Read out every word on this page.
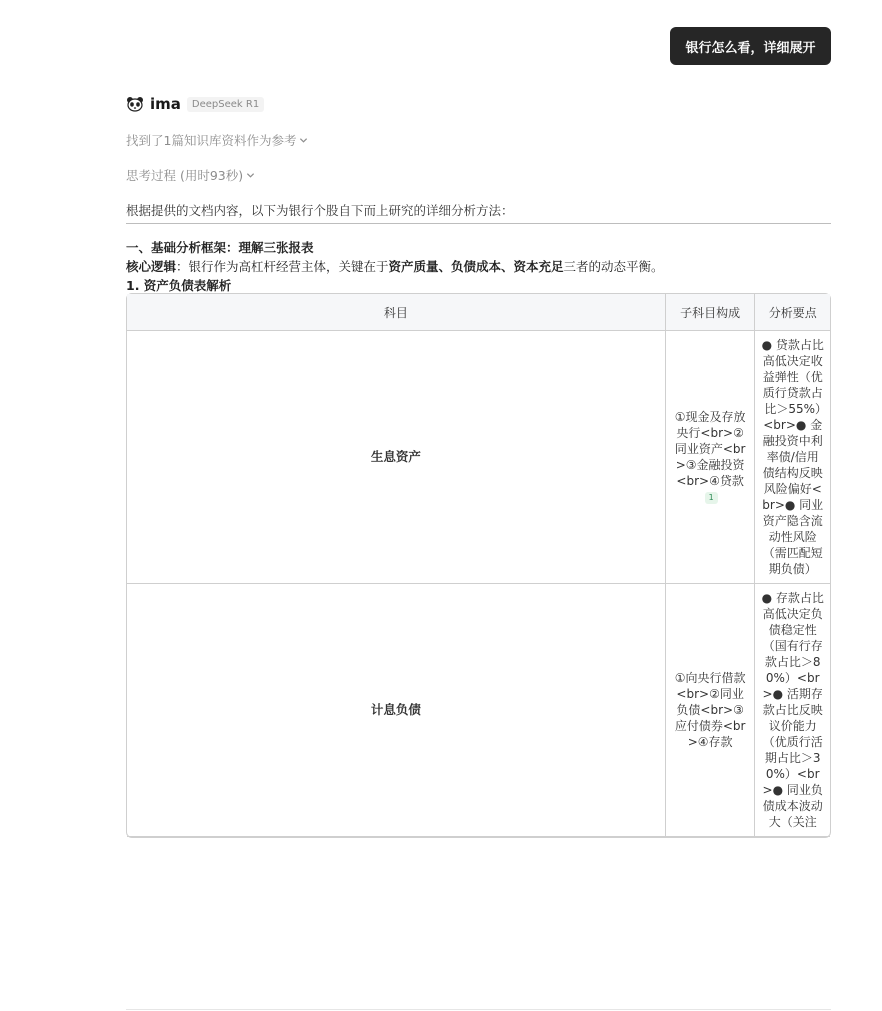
银行怎么看，详细展开
ima	DeepSeek R1
找到了1篇知识库资料作为参考
思考过程 (用时93秒)
根据提供的文档内容，以下为银行个股自下而上研究的详细分析方法：
一、基础分析框架：理解三张报表
核心逻辑：银行作为高杠杆经营主体，关键在于资产质量、负债成本、资本充足三者的动态平衡。
1. 资产负债表解析
科目	子科目构成	分析要点
生息资产	①现金及存放央行<br>②同业资产<br>③金融投资<br>④贷款 1	● 贷款占比高低决定收益弹性（优质行贷款占比＞55%）<br>● 金融投资中利率债/信用债结构反映风险偏好<br>● 同业资产隐含流动性风险（需匹配短期负债）
计息负债	①向央行借款<br>②同业负债<br>③应付债券<br>④存款	● 存款占比高低决定负债稳定性（国有行存款占比＞80%）<br>● 活期存款占比反映议价能力（优质行活期占比＞30%）<br>● 同业负债成本波动大（关注
